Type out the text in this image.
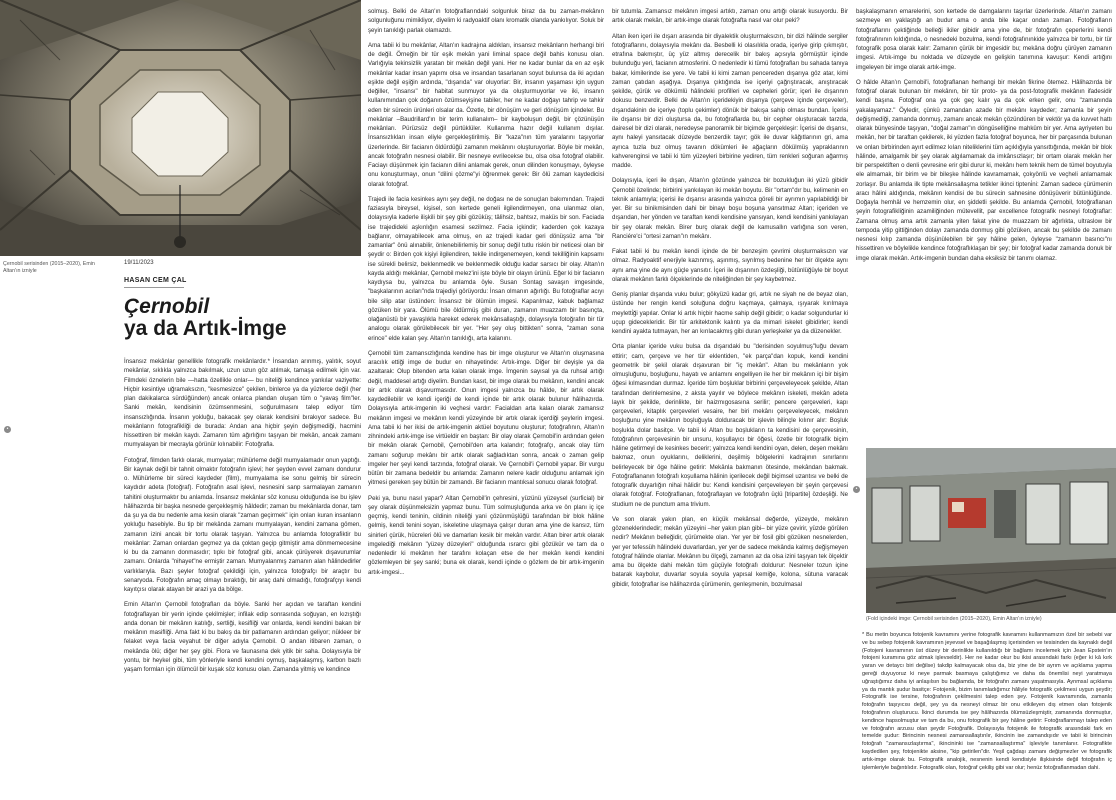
Çernobil serisinden (2015–2020), Emin Altan'ın izniyle
19/11/2023
HASAN CEM ÇAL
Çernobil
ya da Artık-İmge
•

İnsansız mekânlar genellikle fotografik mekânlardır.* İnsandan arınmış, yalıtık, soyut mekânlar, sıklıkla yalnızca bakılmak, uzun uzun göz atılmak, tamaşa edilmek için var. Filmdeki öznelerin bile —hatta özellikle onlar— bu niteliği kendince yankılar vaziyette: Hiçbir kesintiye uğramaksızın, "kesmesizce" çekilen, binlerce ya da yüzlerce değil (her plan dakikalarca sürdüğünden) ancak onlarca plandan oluşan tüm o "yavaş film"ler. Sanki mekân, kendisinin özümsenmesini, soğurulmasını talep ediyor tüm insansızlığında. İnsanın yokluğu, bakacak şey olarak kendisini bırakıyor sadece. Bu mekânların fotografikliği de burada: Andan ana hiçbir şeyin değişmediği, hacmini hissettiren bir mekân kaydı. Zamanın tüm ağırlığını taşıyan bir mekân, ancak zamanı mumyalayan bir mecrayla görünür kılınabilir: Fotoğrafla.

Fotoğraf, filmden farklı olarak, mumyalar; mühürleme değil mumyalamadır onun yaptığı. Bir kaynak değil bir tahnit olmaktır fotoğrafın işlevi; her şeyden evvel zamanı dondurur o. Mühürleme bir süreci kaydeder (film), mumyalama ise sonu gelmiş bir sürecin kaydıdır adeta (fotoğraf). Fotoğrafın asal işlevi, nesnesini sanp sarmalayan zamanın tahitini oluşturmaktır bu anlamda. İnsansız mekânlar söz konusu olduğunda ise bu işlev hâlihazırda bir başka nesnede gerçekleşmiş hâldedir; zaman bu mekânlarda donar, tam da şu ya da bu nedenle ama kesin olarak "zaman geçirmek" için onları kuran insanların yokluğu hasebiyle. Bu tip bir mekânda zamanı mumyalayan, kendini zamana gömen, zamanın izini ancak bir tortu olarak taşıyan. Yalnızca bu anlamda fotografiktir bu mekânlar: Zaman onlardan geçmez ya da çoktan geçip gitmiştir ama dönmemecesine ki bu da zamanın donmasıdır; tıpkı bir fotoğraf gibi, ancak çürüyerek dışavurumlar zamanı. Onlarda "nihayet"ne ermiştir zaman. Mumyalanmış zamanın alan hâlindedirler varlıklarıyla. Bazı şeyler fotoğraf çekildiği için, yalnızca fotoğrafçı bir araçtır bu senaryoda. Fotoğrafın amaç olmayı bıraktığı, bir araç dahi olmadığı, fotoğrafçıyı kendi kayıtçısı olarak atayan bir arazi ya da bölge.

Emin Altan'ın Çernobil fotoğrafları da böyle. Sanki her açıdan ve taraftan kendini fotoğraflayan bir yerin içinde çekilmişler; infilak edip sonrasında soğuyan, en kızıştığı anda donan bir mekânın katılığı, sertliği, kesifliği var onlarda, kendi kendini bakan bir mekânın masifliği. Ama fakt ki bu bakış da bir patlamanın ardından geliyor; nükleer bir felaket veya facia veyahut bir diğer adıyla Çernobil. O andan itibaren zaman, o mekânda ölü; diğer her şey gibi. Flora ve faunasına dek yitik bir saha. Dolayısıyla bir yontu, bir heykel gibi, tüm yönleriyle kendi kendini oymuş, başkalaşmış, karbon bazlı yaşam formları için ölümcül bir kuşak söz konusu olan. Zamanda yitmiş ve kendince

solmuş. Belki de Altan'ın fotoğraflarındaki solgunluk biraz da bu zaman-mekânın solgunluğunu mimikliyor, diyelim ki radyoaktif olanı kromatik olanda yankılıyor. Soluk bir şeyin tanıklığı parlak olamazdı.

Ama tabii ki bu mekânlar, Altan'ın kadrajına aldıkları, insansız mekânların herhangi biri de değil. Örneğin bir tür eşik mekân yani liminal space değil bahis konusu olan. Varlığıyla tekinsizlik yaratan bir mekân değil yani. Her ne kadar bunlar da en az eşik mekânlar kadar insan yapımı olsa ve insandan tasarlanan soyut bulunsa da iki açıdan eşikte değil eşiğin ardında, "dışarıda" var oluyorlar: Bir, insanın yaşaması için uygun değiller, "insansı" bir habitat sunmuyor ya da oluşturmuyorlar ve iki, insanın kullanımından çok doğanın özümseyişine tabiler, her ne kadar doğayı tahrip ve tahkir eden bir sürecin ürünleri olsalar da. Özetle, bir dönüşüm ve geri dönüşüm içindeler. Bu mekânlar –Baudrillard'ın bir terim kullanalım– bir kayboluşun değil, bir çözünüşün mekânları. Pürüzsüz değil pürtüklüler. Kullanıma hazır değil kullanım dışılar. İnsansızlıkları insan eliyle gerçekleştirilmiş. Bir "kaza"nın tüm yaralarını taşıyorlar üzerlerinde. Bir facianın öldürdüğü zamanın mekânını oluşturuyorlar. Böyle bir mekân, ancak fotoğrafın nesnesi olabilir. Bir nesneye evrilecekse bu, olsa olsa fotoğraf olabilir. Faciayı düşünmek için facianın dilini anlamak gerek, onun dilinden konuşmayı, öyleyse onu konuşturmayı, onun "dilini çözme"yi öğrenmek gerek: Bir ölü zaman kaydedicisi olarak fotoğraf.

Trajedi ile facia kesinkes aynı şey değil, ne doğası ne de sonuçları bakımından. Trajedi faziasıyla bireysel, kişisel, son kertede geneli ilgilendirmeyen, ona ulanmaz olan, dolayısıyla kaderle ilişkili bir şey gibi gözüküş; tâlihsiz, bahtsız, maküs bir son. Faciada ise trajedideki aşkınlığın esamesi sezilmez. Facia içkindir; kaderden çok kazaya bağlanır, olmayabilecek ama olmuş, en az trajedi kadar geri dönüşsüz ama "bir zamanlar" önü alınabilir, önlenebilirlemiş bir sonuç değil tutlu riskin bir neticesi olan bir şeydir o: Birden çok kişiyi ilgilendiren, tekile indirgenemeyen, kendi tekilliğinin kapsamı ise sürekli belirsiz, beklenmedik ve beklenmedik olduğu kadar sarsıcı bir olay. Altan'ın kayda aldığı mekânlar, Çernobil melez'ini işte böyle bir olayın ürünü. Eğer ki bir facianın kaydıysa bu, yalnızca bu anlamda öyle. Susan Sontag savaşın imgesinde, "başkalarının acıları"nda trajediyi görüyordu: İnsan olmanın ağırlığı. Bu fotoğraflar acıyı bile silip atar üstünden: İnsansız bir ölümün imgesi. Kaparılmaz, kabuk bağlamaz gözüken bir yara. Ölümü bile öldürmüş gibi duran, zamanın muazzam bir basınçta, olağanüstü bir yavaşlıkla hareket ederek mekânsallaştığı, dolayısıyla fotoğrafın bir tür analogu olarak görülebilecek bir yer. "Her şey oluş bittikten" sonra, "zaman sona erince" elde kalan şey. Altan'ın tanıklığı, arta kalanını.

Çernobil tüm zamansızlığında kendine has bir imge oluşturur ve Altan'ın oluşmasına aracılık ettiği imge de budur en nihayetinde: Artık-imge. Diğer bir deyişle ya da azaltarak: Olup bitenden arta kalan olarak imge. İmgenin sayısal ya da ruhsal artığı değil, maddesel artığı diyelim. Bundan kasıt, bir imge olarak bu mekânın, kendini ancak bir artık olarak dışavurmasıdır. Onun imgesi yalnızca bu hâlde, bir artık olarak kaydedilebilir ve kendi içeriği de kendi içinde bir artık olarak bulunur hâlihazırda. Dolayısıyla artık-imgenin iki veçhesi vardır: Facialdan arta kalan olarak zamansız mekânın imgesi ve mekânın kendi yüzeyinde bir artık olarak içerdiği şeylerin imgesi. Ama tabii ki her ikisi de artık-imgenin aktüel boyutunu oluşturur; fotoğrafının, Altan'ın zihnindeki artık-imge ise virtüeldir en baştan: Bir olay olarak Çernobil'in ardından gelen bir mekân olarak Çernobil, Çernobil'den arta kalandır; fotoğrafçı, ancak olay tüm zamanı soğurup mekânı bir artık olarak sağladıktan sonra, ancak o zaman gelip imgeler her şeyi kendi tarzında, fotoğraf olarak. Ve Çernobil'i Çernobil yapar. Bir vurgu bütün bir zamana bedeldir bu anlamda: Zamanın nelere kadir olduğunu anlamak için yitmesi gereken şey bütün bir zamandı. Bir facianın mantıksal sonucu olarak fotoğraf.

Peki ya, bunu nasıl yapar? Altan Çernobil'in çehresini, yüzünü yüzeysel (surficial) bir şey olarak düşünmeksizin yapmaz bunu. Tüm solmuşluğunda arka ve ön planı iç içe geçmiş, kendi teninin, cildinin niteliği yani çözünmüşlüğü tarafından bir blok hâline gelmiş, kendi tenini soyan, iskeletine ulaşmaya çalışır duran ama yine de kansız, tüm sinirleri çürük, hücreleri ölü ve damarları kesik bir mekân vardır. Altan birer artık olarak imgelediği mekânın "yüzey düzeyleri" olduğunda ısrarcı gibi gözükür ve tam da o nedenledir ki mekânın her tarafını kolaçan etse de her mekân kendi kendini gözlemleyen bir şey sanki; buna ek olarak, kendi içinde o gözlem de bir artık-imgenin artık-imgesi...

bir tutumla. Zamansız mekânın imgesi artıktı, zaman onu artığı olarak kusuyordu. Bir artık olarak mekân, bir artık-imge olarak fotoğrafta nasıl var olur peki?

Altan iken içeri ile dışarı arasında bir diyalektik oluşturmaksızın, bir dizi hâlinde sergiler fotoğraflarını, dolayısıyla mekânı da. Besbelli ki olasılıkla orada, içeriye girip çıkmıştır, etrafına bakmıştır, üç yüz altmış derecelik bir bakış açısıyla görmüştür içinde bulunduğu yeri, facianın atmosferini. O nedenledir ki tümü fotoğrafları bu sahada tanıya bakar, kimilerinde ise yere. Ve tabii ki kimi zaman pencereden dışarıya göz atar, kimi zaman çatıdan aşağıya. Dışarıya çıktığında ise içeriyi çağrıştıracak, anıştıracak şekilde, çürük ve dökümlü hâlindeki profilleri ve cepheleri görür; içeri ile dışarının dokusu benzerdir. Belki de Altan'ın içeridekiyin dışarıya (çerçeve içinde çerçeveler), dışarıdakinin de içeriye (toplu çekimler) dönük bir bakışa sahip olması bundan. İçerisi ile dışarısı bir dizi oluştursa da, bu fotoğraflarda bu, bir cepher oluşturacak tarzda, dairesel bir dizi olarak, neredeyse panoramik bir biçimde gerçekleşir: İçerisi de dışarısı, aynı haleyi yansıtacak düzeyde benzerdik tayır; gök ile duvar kâğıtlarının gri, ama ayrıca tuzla buz olmuş tavanın dökümleri ile ağaçların dökülmüş yapraklarının kahverenginsi ve tabii ki tüm yüzeyleri birbirine yediren, tüm renkleri soğuran ağarmış madde.

Dolayısıyla, içeri ile dışarı, Altan'ın gözünde yalnızca bir bozukluğun iki yüzü gibidir Çernobil özelinde; birbirini yankılayan iki mekân boyutu. Bir "ortam"dır bu, kelimenin en teknik anlamıyla; içerisi ile dışarısı arasında yalnızca göreli bir ayrımın yapılabildiği bir yer. Bir su binikmisinden dahi bir binayı boşu boşuna yansıtmaz Altan; içeriden ve dışarıdan, her yönden ve taraftan kendi kendisine yansıyan, kendi kendisini yankılayan bir şey olarak mekân. Birer burç olarak değil de kamusallın varlığına son veren, Ranciére'ci "ortesi zaman"ın mekânı.

Fakat tabii ki bu mekân kendi içinde de bir benzeşim çevrimi oluşturmaksızın var olmaz. Radyoaktif enerjiyle kazınmış, aşınmış, sıyrılmış bedenine her bir ölçekte aynı aynı ama yine de aynı güçle yansıtır. İçeri ile dışarının özdeşliği, bütünlüğüyle bir boyut olarak mekânın farklı ölçeklerinde de niteliğinden bir şey kaybetmez.

Geniş planlar dışarıda vuku bulur; gökyüzü kadar gri, artık ne siyah ne de beyaz olan, üstünde her rengin kendi soluğuna doğru kaçmaya, çalmaya, ışıyarak kırılmaya meyletti̇ği yapılar. Onlar ki artık hiçbir hacme sahip değil gibidir; o kadar solgundurlar ki uçup gidecekleridir. Bir tür arkitektonik kalıntı ya da mimari iskelet gibidirler; kendi kendini ayakta tutmayan, her an kırılacakmış gibi duran yerleşkeler ya da düzenekler.

Orta planlar içeride vuku bulsa da dışarıdaki bu "derisinden soyulmuş"luğu devam ettirir; cam, çerçeve ve her tür eklentiden, "ek parça"dan kopuk, kendi kendini geometrik bir şekil olarak dışavuran bir "iç mekân". Altan bu mekânların yok olmuşluğunu, boşluğunu, hayatı ve anlamını engelliyen ile her bir mekânın içi bir bişim öğesi kılmasından durmaz. İçeride tüm boşluklar birbirini çerçeveleyecek şekilde, Altan tarafından derinlemesine, z aksta yayılır ve böylece mekânın iskeleti, mekân adeta layık bir şekilde, derinlikte, bir haizmıgosasına serilir; pencere çerçeveleri, kapı çerçeveleri, kitaplık çerçeveleri vesaire, her biri mekânı çerçeveleyecek, mekânın boşluğunu yine mekânın boşluğuyla dolduracak bir işlevin bilinçle kılınır alır: Boşluk boşlukla dolar basitçe. Ve tabii ki Altan bu boşlukların ta kendisini de çerçevesinin, fotoğrafının çerçevesinin bir unsuru, koşullayıcı bir öğesi, özetle bir fotografik biçim hâline getirmeyi de kesinkes becerir; yalnızca kendi kendini oyan, delen, deşen mekânı bakmaz, onun oyuklarını, deliklerini, deşilmiş bölgelerini kadrajının sınırlarını belirleyecek bir öge hâline getirir: Mekânla bakmanın ötesinde, mekândan bakmak. Fotoğraflananın fotoğrafı koşullama hâlinin içerilecek değil biçimsel uzantısı ve belki de fotografik duyarlığın nihai hâlidir bu: Kendi kendisini çerçeveleyen bir şeyin çerçevesi olarak fotoğraf. Fotoğraflanan, fotoğraflayan ve fotoğrafın üçlü [tripartite] özdeşliği. Ne studium ne de punctum ama trivium.

Ve son olarak yakın plan, en küçük mekânsal değerde, yüzeyde, mekânın gözeneklerindedir; mekân yüzeyini –her yakın plan gibi– bir yüze çevirir, yüzde görülen nedir? Mekânın belleğidir, çürümekte olan. Yer yer bir fosil gibi gözüken nesnelerden, yer yer tefessüh hâlindeki duvarlardan, yer yer de sadece mekânda kalmış değişmeyen fotoğraf hâlinde olanlar. Mekânın bu ölçeği, zamanın az da olsa izini taşıyan tek ölçektir ama bu ölçekte dahi mekân tüm güçüyle fotoğrafı doldurur: Nesneler tozun içine batarak kaybolur, duvarlar soyula soyula yapısal kemiğe, kolona, sütuna varacak gibidir, fotoğraflar ise hâlihazırda çürümenin, genleşmenin, bozulmasal

başkalaşmanın emarelerini, son kertede de damgalarını taşırlar üzerlerinde. Altan'ın zamanı sezmeye en yaklaştığı an budur ama o anda bile kaçar ondan zaman. Fotoğrafların fotoğraflarını çektiğinde belleği ikiler gibidir ama yine de, bir fotoğrafın çeperlerini kendi fotoğrafınının kıldığında, o nesnedeki bozulma, kendi fotoğrafınınkide yalnızca bir tortu, bir tür fotografik posa olarak kalır: Zamanın çürük bir imgesidir bu; mekâna doğru çürüyen zamanın imgesi. Artık-imge bu noktada ve düzeyde en gelişkin tanımına kavuşur: Kendi artığını imgeleyen bir imge olarak artık-imge.

O hâlde Altan'ın Çernobil'i, fotoğraflanan herhangi bir mekân fikrine ötemez. Hâlihazırda bir fotoğraf olarak bulunan bir mekânın, bir tür proto- ya da post-fotografik mekânın ifadesidir kendi başına. Fotoğraf ona ya çok geç kalır ya da çok erken gelir, onu "zamanında yakalayamaz." Öyledir, çünkü zamandan azade bir mekânı kaydeder; zamanla bir şeyin değişmediği, zamanda donmuş, zamanı ancak mekân çözündüren bir vektör ya da kuvvet hattı olarak bünyesinde taşıyan, "doğal zaman"ın döngüselliğine mahkûm bir yer. Ama ayriyeten bu mekân, her bir taraftan çekilerek, iki yüzden fazla fotoğraf boyunca, her bir parçasında bulunan ve onları birbirinden ayırt edilmez kılan niteliklerini tüm açıklığıyla yansıttığında, mekân bir blok hâlinde, amalgamik bir şey olarak algılamamak da imkânsızlaşır; bir ortam olarak mekân her bir perspektiften o denli çevresine erir gibi durur ki, mekânı hem teknik hem de tümel boyutuyla ele almamak, bir birim ve bir bileşke hâlinde kavramamak, çokyönlü ve veçheli anlamamak zorlaşır. Bu anlamda ilk tipte mekânsallaşma tetikler ikinci tipteni̇ni: Zaman sadece çürümenin aracı hâlini aldığında, mekânın kendisi de bu sürecin sahnesine dönüşüverir bütünlüğünde. Doğayla hemhâl ve hemzemin olur, en şiddetli şekilde. Bu anlamda Çernobil, fotoğraflanan şeyin fotografikliğinin azamiliğinden mütevellit, par excellence fotografik nesneyi fotoğraflar: Zamana olmuş ama artık zamanla yiten fakat yine de muazzam bir ağırlıkta, ultraslow bir tempoda yitip gittiğinden dolayı zamanda donmuş gibi gözüken, ancak bu şekilde de zamanı nesnesi kılıp zamanda düşünülebilen bir şey hâline gelen, öyleyse "zamanın basıncı"nı hissettiren ve böylelikle kendince fotoğraflıklaşan bir şey; bir fotoğraf kadar zamanda donuk bir imge olarak mekân. Artık-imgenin bundan daha eksiksiz bir tanımı olamaz.

•
(Fold içindeki imge: Çernobil serisinden (2015–2020), Emin Altan'ın izniyle)
* Bu metin boyunca fotojenik kavramını yerine fotografik kavramını kullanmamızın özel bir sebebi var ve bu sebep fotojenik kavramının jeyevsel ve başağılaşmış içerisinden ve tesisinden da kaynaklı değil (Fotojeni kavramının üst düzey bir derinlikte kullanıldığı bir bağlamı incelemek için Jean Epstein'ın fotojeni kuramına göz atmak işlevseldir). Her ne kadar okur bu ikisi arasındaki farkı (eğer ki kâ kırk yaran ve detaycı biri değilse) takdip kalmayacak olsa da, biz yine de bir ayrım ve açıklama yapma gereği duyuyoruz ki neye parmak basmaya çalıştığımız ve daha da önemlisi neyi yaratmaya uğraştığımız daha iyi anlaşılsın bu bağlamda, bir fotoğrafın zamanı yaşatmasıyla. Aynmsal açıklama ya da mantık şudur basitçe: Fotojenik, bizim tanımladığımız hâliyle fotografik çekilmesi uygun şeydir; Fotografik ise tersine, fotoğrafının çekilmesini talep eden şey. Fotojenik kavramında, zamanla fotoğrafın taşıyıcısı değil, şey ya da nesneyi olmaz bir onu etkileyen dış etmen olan fotojenik fotoğrafının oluşturucu. İkinci durumda ise şey hâlihazırda ölümsüzleşmiştir, zamanında donmuştur, kendince hapsolmuştur ve tam da bu, onu fotografik bir şey hâline getirir: Fotoğraflanmayı talep eden ve fotoğrafın arzusu olan şeydir Fotoğrafik. Dolayısıyla fotojenik ile fotografik arasındaki fark en temelde şudur: Birincinin nesnesi zamansallaştırılır, ikincinin ise zamandışıdır ve tabii ki birincinin fotoğrafı "zamansızlaştırma", ikincininki ise "zamansallaştırma" işleviyle tanımlanır. Fotografikte kaydedilen şey, fotojenikte aksine, "kip getirilen"dir. Yeşil çağdaşı zamanı değişmezler ve fotografik artık-imge olarak bu. Fotografik analojik, nesnenin kendi kendisiyle ilişkisinde değil fotoğrafın iç işlemleriyle bağıntılıdır. Fotografik olan, fotoğraf çekiliş gibi var olur; henüz fotoğraflanmadan dahi.
